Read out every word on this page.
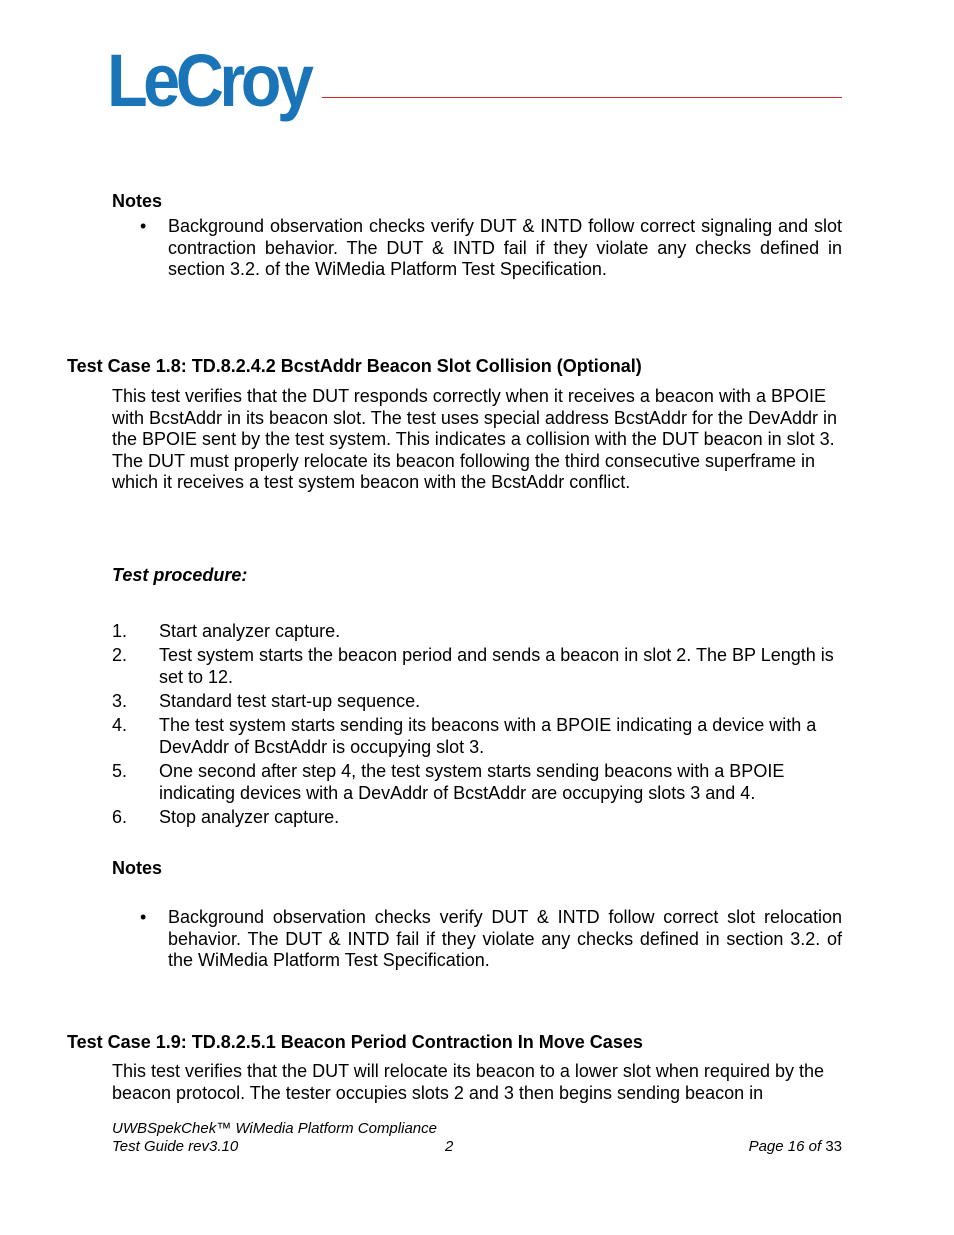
LeCroy
Notes
•	Background observation checks verify DUT & INTD follow correct signaling and slot contraction behavior. The DUT & INTD fail if they violate any checks defined in section 3.2. of the WiMedia Platform Test Specification.
Test Case 1.8: TD.8.2.4.2 BcstAddr Beacon Slot Collision (Optional)
This test verifies that the DUT responds correctly when it receives a beacon with a BPOIE with BcstAddr in its beacon slot. The test uses special address BcstAddr for the DevAddr in the BPOIE sent by the test system. This indicates a collision with the DUT beacon in slot 3. The DUT must properly relocate its beacon following the third consecutive superframe in which it receives a test system beacon with the BcstAddr conflict.
Test procedure:
1. Start analyzer capture.
2. Test system starts the beacon period and sends a beacon in slot 2. The BP Length is set to 12.
3. Standard test start-up sequence.
4. The test system starts sending its beacons with a BPOIE indicating a device with a DevAddr of BcstAddr is occupying slot 3.
5. One second after step 4, the test system starts sending beacons with a BPOIE indicating devices with a DevAddr of BcstAddr are occupying slots 3 and 4.
6. Stop analyzer capture.
Notes
•	Background observation checks verify DUT & INTD follow correct slot relocation behavior. The DUT & INTD fail if they violate any checks defined in section 3.2. of the WiMedia Platform Test Specification.
Test Case 1.9: TD.8.2.5.1 Beacon Period Contraction In Move Cases
This test verifies that the DUT will relocate its beacon to a lower slot when required by the beacon protocol. The tester occupies slots 2 and 3 then begins sending beacon in
UWBSpekChek™ WiMedia Platform Compliance
Test Guide rev3.10	2	Page 16 of 33
